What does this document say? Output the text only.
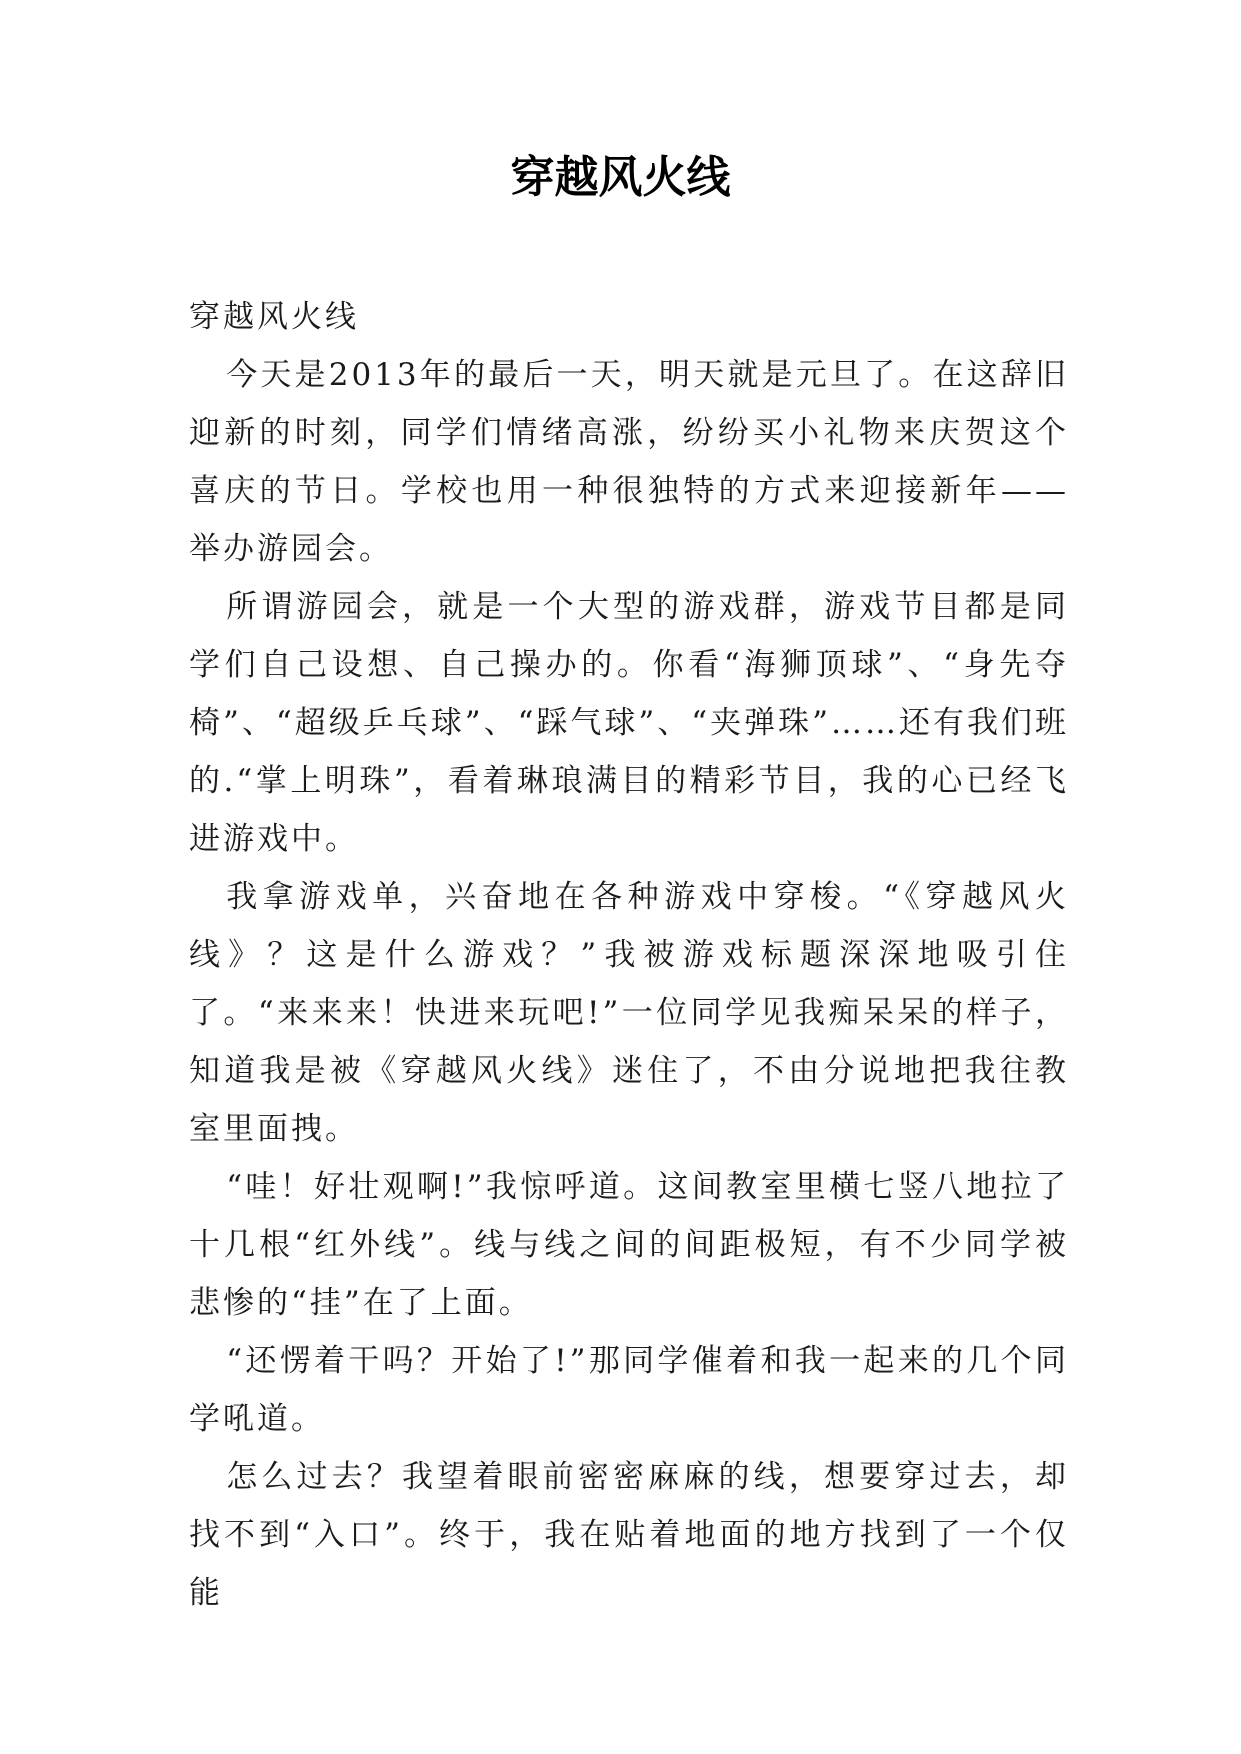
穿越风火线

穿越风火线

今天是2013年的最后一天，明天就是元旦了。在这辞旧迎新的时刻，同学们情绪高涨，纷纷买小礼物来庆贺这个喜庆的节日。学校也用一种很独特的方式来迎接新年——举办游园会。

所谓游园会，就是一个大型的游戏群，游戏节目都是同学们自己设想、自己操办的。你看“海狮顶球”、“身先夺椅”、“超级乒乓球”、“踩气球”、“夹弹珠”……还有我们班的.“掌上明珠”，看着琳琅满目的精彩节目，我的心已经飞进游戏中。

我拿游戏单，兴奋地在各种游戏中穿梭。“《穿越风火线》？这是什么游戏？”我被游戏标题深深地吸引住了。“来来来！快进来玩吧!”一位同学见我痴呆呆的样子，知道我是被《穿越风火线》迷住了，不由分说地把我往教室里面拽。

“哇！好壮观啊!”我惊呼道。这间教室里横七竖八地拉了十几根“红外线”。线与线之间的间距极短，有不少同学被悲惨的“挂”在了上面。

“还愣着干吗？开始了!”那同学催着和我一起来的几个同学吼道。

怎么过去？我望着眼前密密麻麻的线，想要穿过去，却找不到“入口”。终于，我在贴着地面的地方找到了一个仅能
